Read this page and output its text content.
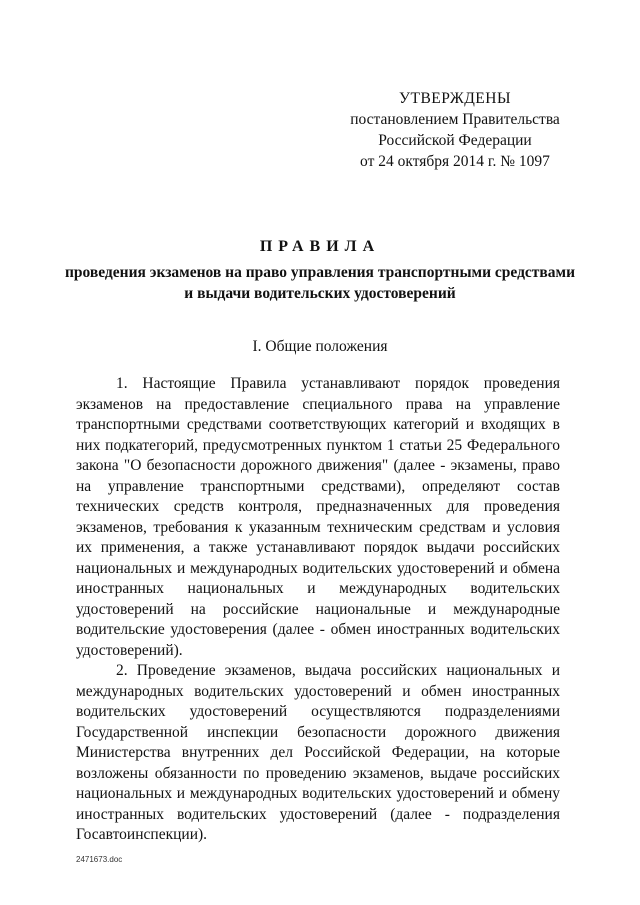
УТВЕРЖДЕНЫ
постановлением Правительства
Российской Федерации
от 24 октября 2014 г. № 1097
ПРАВИЛА
проведения экзаменов на право управления транспортными средствами и выдачи водительских удостоверений
I. Общие положения

1. Настоящие Правила устанавливают порядок проведения экзаменов на предоставление специального права на управление транспортными средствами соответствующих категорий и входящих в них подкатегорий, предусмотренных пунктом 1 статьи 25 Федерального закона "О безопасности дорожного движения" (далее - экзамены, право на управление транспортными средствами), определяют состав технических средств контроля, предназначенных для проведения экзаменов, требования к указанным техническим средствам и условия их применения, а также устанавливают порядок выдачи российских национальных и международных водительских удостоверений и обмена иностранных национальных и международных водительских удостоверений на российские национальные и международные водительские удостоверения (далее - обмен иностранных водительских удостоверений).

2. Проведение экзаменов, выдача российских национальных и международных водительских удостоверений и обмен иностранных водительских удостоверений осуществляются подразделениями Государственной инспекции безопасности дорожного движения Министерства внутренних дел Российской Федерации, на которые возложены обязанности по проведению экзаменов, выдаче российских национальных и международных водительских удостоверений и обмену иностранных водительских удостоверений (далее - подразделения Госавтоинспекции).

2471673.doc
